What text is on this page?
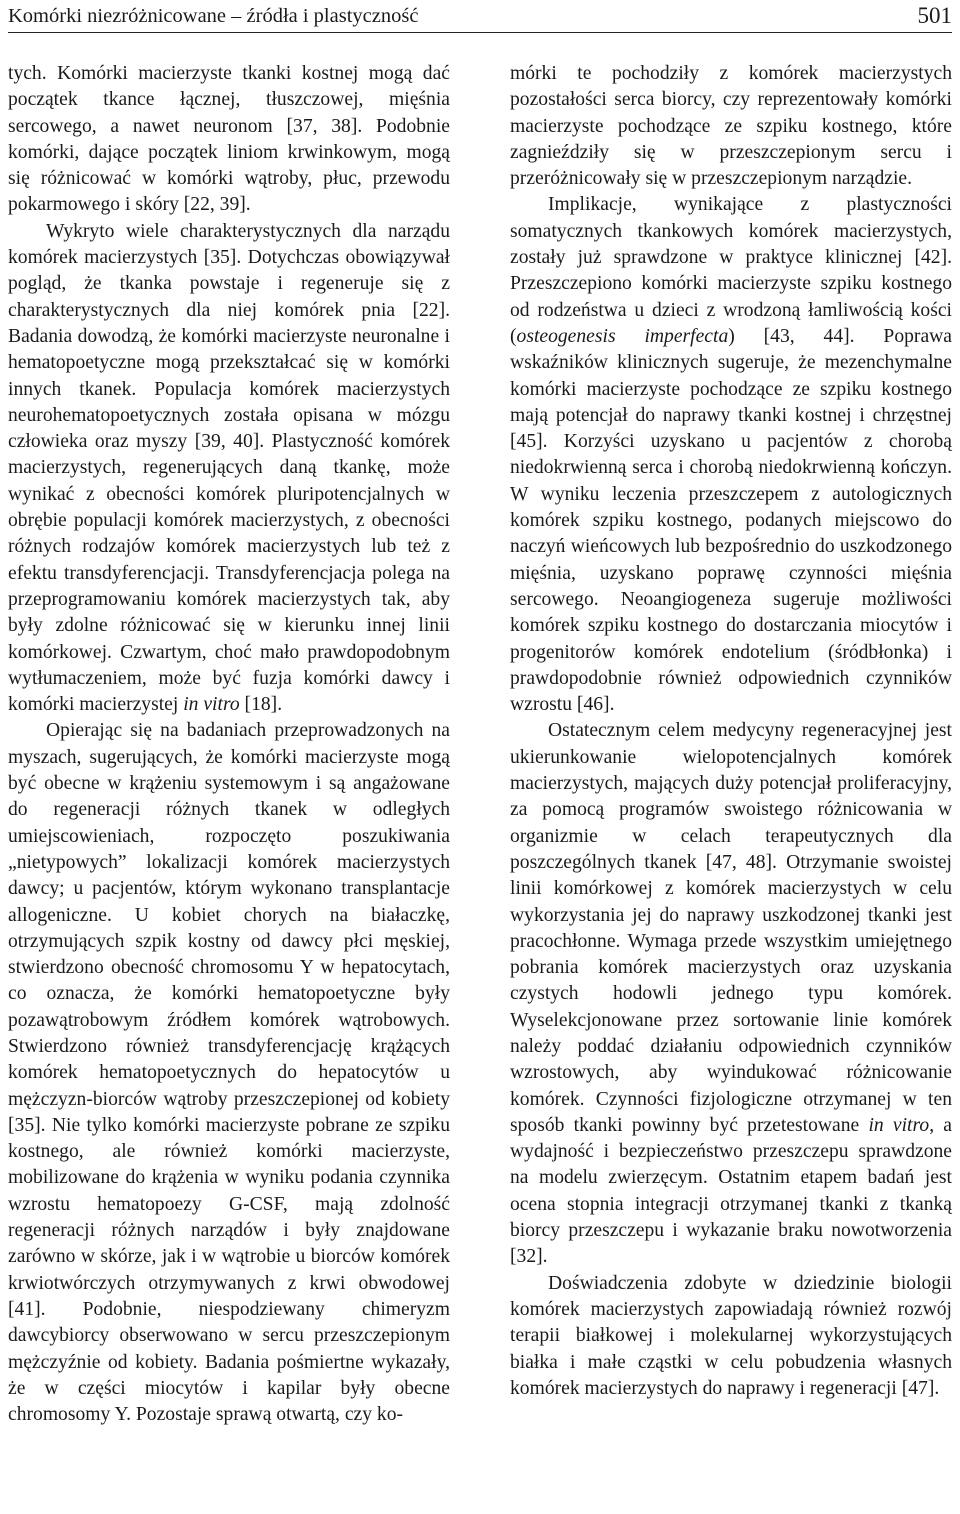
Komórki niezróżnicowane – źródła i plastyczność	501

tych. Komórki macierzyste tkanki kostnej mogą dać początek tkance łącznej, tłuszczowej, mięśnia sercowego, a nawet neuronom [37, 38]. Podobnie komórki, dające początek liniom krwinkowym, mogą się różnicować w komórki wątroby, płuc, przewodu pokarmowego i skóry [22, 39].

Wykryto wiele charakterystycznych dla narządu komórek macierzystych [35]. Dotychczas obowiązywał pogląd, że tkanka powstaje i regeneruje się z charakterystycznych dla niej komórek pnia [22]. Badania dowodzą, że komórki macierzyste neuronalne i hematopoetyczne mogą przekształcać się w komórki innych tkanek. Populacja komórek macierzystych neurohematopoetycznych została opisana w mózgu człowieka oraz myszy [39, 40]. Plastyczność komórek macierzystych, regenerujących daną tkankę, może wynikać z obecności komórek pluripotencjalnych w obrębie populacji komórek macierzystych, z obecności różnych rodzajów komórek macierzystych lub też z efektu transdyferencjacji. Transdyferencjacja polega na przeprogramowaniu komórek macierzystych tak, aby były zdolne różnicować się w kierunku innej linii komórkowej. Czwartym, choć mało prawdopodobnym wytłumaczeniem, może być fuzja komórki dawcy i komórki macierzystej in vitro [18].

Opierając się na badaniach przeprowadzonych na myszach, sugerujących, że komórki macierzyste mogą być obecne w krążeniu systemowym i są angażowane do regeneracji różnych tkanek w odległych umiejscowieniach, rozpoczęto poszukiwania „nietypowych” lokalizacji komórek macierzystych dawcy; u pacjentów, którym wykonano transplantacje allogeniczne. U kobiet chorych na białaczkę, otrzymujących szpik kostny od dawcy płci męskiej, stwierdzono obecność chromosomu Y w hepatocytach, co oznacza, że komórki hematopoetyczne były pozawątrobowym źródłem komórek wątrobowych. Stwierdzono również transdyferencjację krążących komórek hematopoetycznych do hepatocytów u mężczyzn-biorców wątroby przeszczepionej od kobiety [35]. Nie tylko komórki macierzyste pobrane ze szpiku kostnego, ale również komórki macierzyste, mobilizowane do krążenia w wyniku podania czynnika wzrostu hematopoezy G-CSF, mają zdolność regeneracji różnych narządów i były znajdowane zarówno w skórze, jak i w wątrobie u biorców komórek krwiotwórczych otrzymywanych z krwi obwodowej [41]. Podobnie, niespodziewany chimeryzm dawcybiorcy obserwowano w sercu przeszczepionym mężczyźnie od kobiety. Badania pośmiertne wykazały, że w części miocytów i kapilar były obecne chromosomy Y. Pozostaje sprawą otwartą, czy ko-

mórki te pochodziły z komórek macierzystych pozostałości serca biorcy, czy reprezentowały komórki macierzyste pochodzące ze szpiku kostnego, które zagnieździły się w przeszczepionym sercu i przeróżnicowały się w przeszczepionym narządzie.

Implikacje, wynikające z plastyczności somatycznych tkankowych komórek macierzystych, zostały już sprawdzone w praktyce klinicznej [42]. Przeszczepiono komórki macierzyste szpiku kostnego od rodzeństwa u dzieci z wrodzoną łamliwością kości (osteogenesis imperfecta) [43, 44]. Poprawa wskaźników klinicznych sugeruje, że mezenchymalne komórki macierzyste pochodzące ze szpiku kostnego mają potencjał do naprawy tkanki kostnej i chrzęstnej [45]. Korzyści uzyskano u pacjentów z chorobą niedokrwienną serca i chorobą niedokrwienną kończyn. W wyniku leczenia przeszczepem z autologicznych komórek szpiku kostnego, podanych miejscowo do naczyń wieńcowych lub bezpośrednio do uszkodzonego mięśnia, uzyskano poprawę czynności mięśnia sercowego. Neoangiogeneza sugeruje możliwości komórek szpiku kostnego do dostarczania miocytów i progenitorów komórek endotelium (śródbłonka) i prawdopodobnie również odpowiednich czynników wzrostu [46].

Ostatecznym celem medycyny regeneracyjnej jest ukierunkowanie wielopotencjalnych komórek macierzystych, mających duży potencjał proliferacyjny, za pomocą programów swoistego różnicowania w organizmie w celach terapeutycznych dla poszczególnych tkanek [47, 48]. Otrzymanie swoistej linii komórkowej z komórek macierzystych w celu wykorzystania jej do naprawy uszkodzonej tkanki jest pracochłonne. Wymaga przede wszystkim umiejętnego pobrania komórek macierzystych oraz uzyskania czystych hodowli jednego typu komórek. Wyselekcjonowane przez sortowanie linie komórek należy poddać działaniu odpowiednich czynników wzrostowych, aby wyindukować różnicowanie komórek. Czynności fizjologiczne otrzymanej w ten sposób tkanki powinny być przetestowane in vitro, a wydajność i bezpieczeństwo przeszczepu sprawdzone na modelu zwierzęcym. Ostatnim etapem badań jest ocena stopnia integracji otrzymanej tkanki z tkanką biorcy przeszczepu i wykazanie braku nowotworzenia [32].

Doświadczenia zdobyte w dziedzinie biologii komórek macierzystych zapowiadają również rozwój terapii białkowej i molekularnej wykorzystujących białka i małe cząstki w celu pobudzenia własnych komórek macierzystych do naprawy i regeneracji [47].
